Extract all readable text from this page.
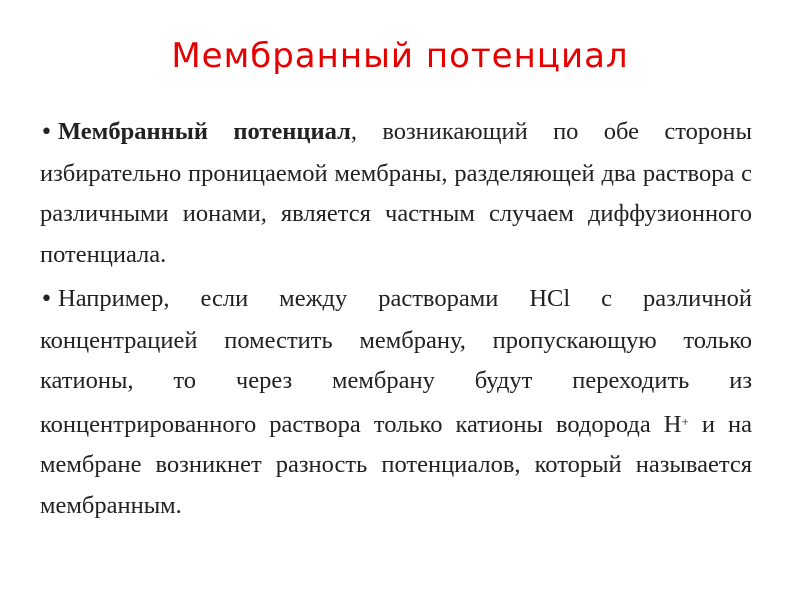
Мембранный потенциал
• Мембранный потенциал, возникающий по обе стороны избирательно проницаемой мембраны, разделяющей два раствора с различными ионами, является частным случаем диффузионного потенциала.
• Например, если между растворами HCl с различной концентрацией поместить мембрану, пропускающую только катионы, то через мембрану будут переходить из концентрированного раствора только катионы водорода H+ и на мембране возникнет разность потенциалов, который называется мембранным.
